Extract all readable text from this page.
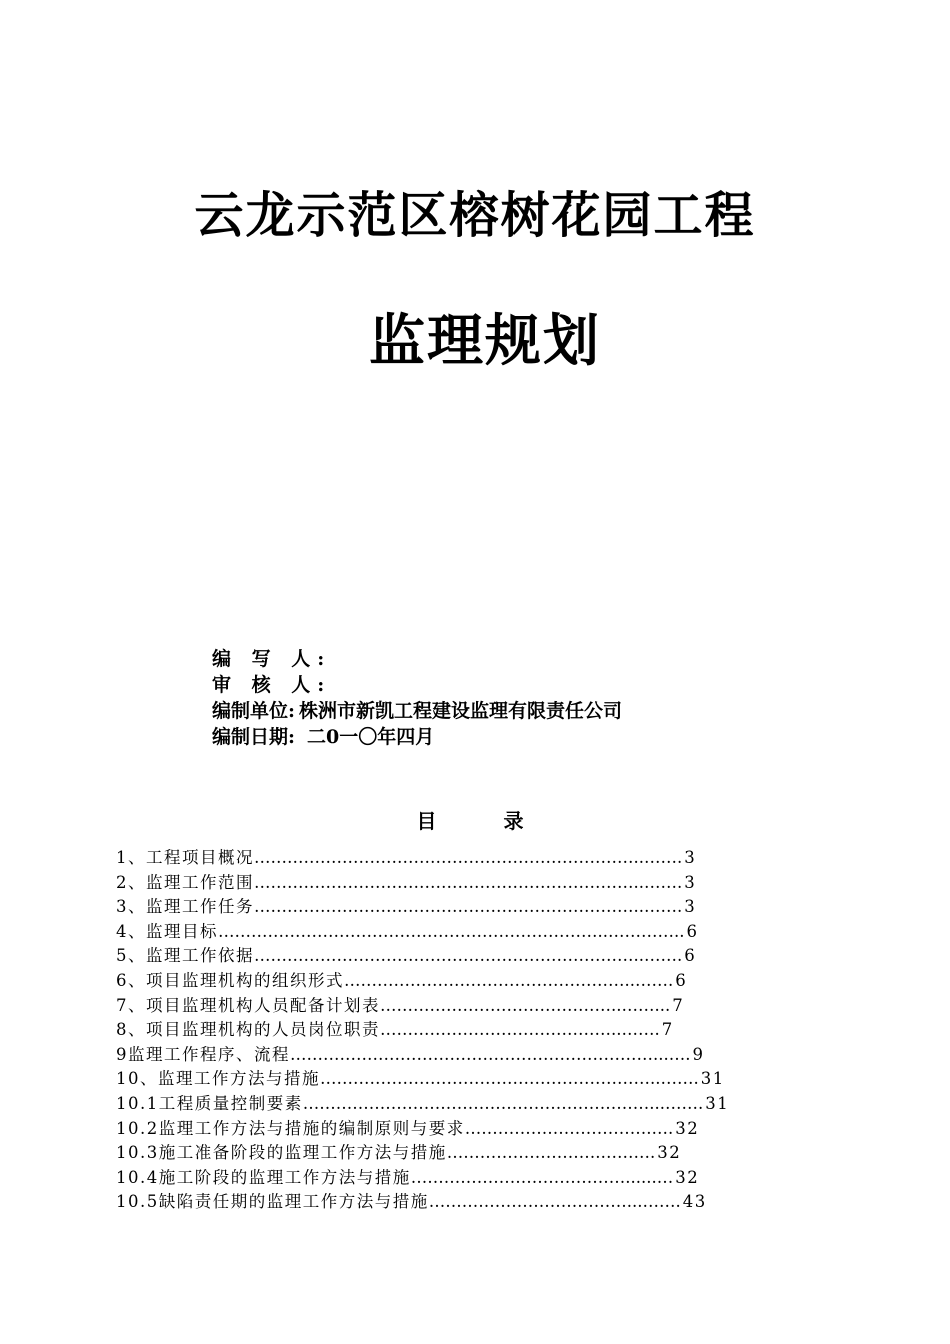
云龙示范区榕树花园工程
监理规划
编 写 人:
审 核 人:
编制单位: 株洲市新凯工程建设监理有限责任公司
编制日期: 二0一〇年四月
目 录
1、工程项目概况 ……………………………………………………………..……. 3
2、监理工作范围 ……………………………………………………………..……. 3
3、监理工作任务 ……………………………………………………………..……. 3
4、监理目标 ……………………………………………………………..………….. 6
5、监理工作依据 ……………………………………………………………..……. 6
6、项目监理机构的组织形式 ……………………………………………..……. 6
7、项目监理机构人员配备计划表 ……………………………………..……... 7
8、项目监理机构的人员岗位职责 ……………………………………..……. 7
9监理工作程序、流程 …………………………………………………………...…. 9
10、监理工作方法与措施 ……………………………………………………..……. 31
10.1工程质量控制要素 ………………………………………………………...……. 31
10.2监理工作方法与措施的编制原则与要求 …………………………….…. 32
10.3施工准备阶段的监理工作方法与措施 ……………………….………. 32
10.4施工阶段的监理工作方法与措施 …………………………………......… 32
10.5缺陷责任期的监理工作方法与措施 ………………………………...……. 43
